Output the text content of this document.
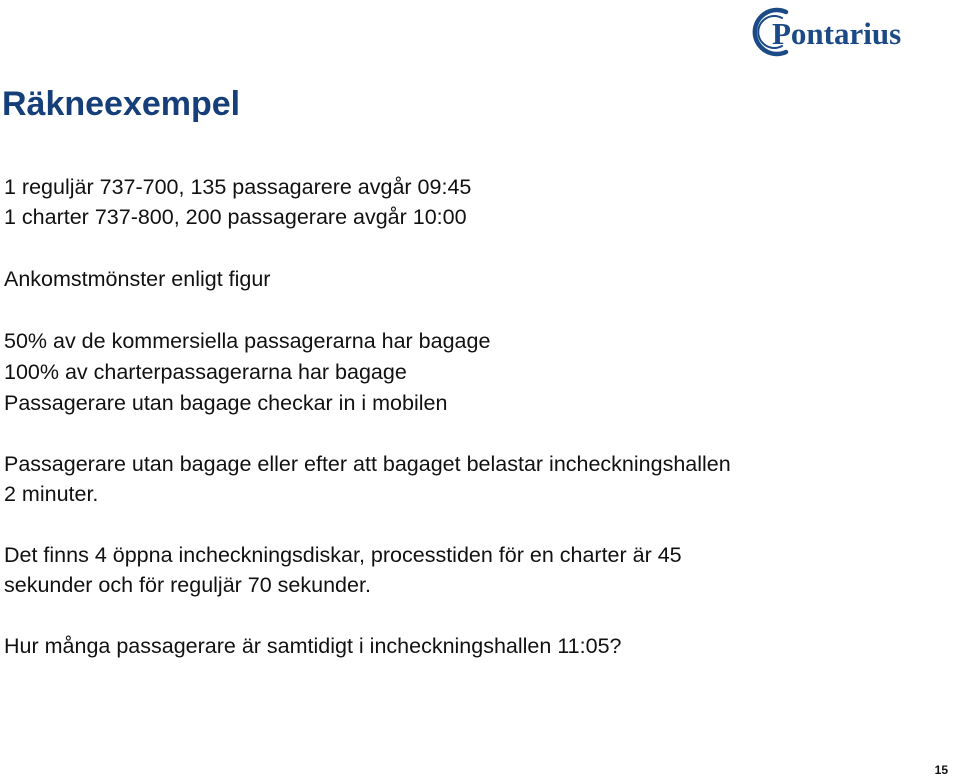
Pontarius
Räkneexempel
1 reguljär 737-700, 135 passagarere avgår 09:45
1 charter 737-800, 200 passagerare avgår 10:00
Ankomstmönster enligt figur
50% av de kommersiella passagerarna har bagage
100% av charterpassagerarna har bagage
Passagerare utan bagage checkar in i mobilen
Passagerare utan bagage eller efter att bagaget belastar incheckningshallen
2 minuter.
Det finns 4 öppna incheckningsdiskar, processtiden för en charter är 45
sekunder och för reguljär 70 sekunder.
Hur många passagerare är samtidigt i incheckningshallen 11:05?
15
